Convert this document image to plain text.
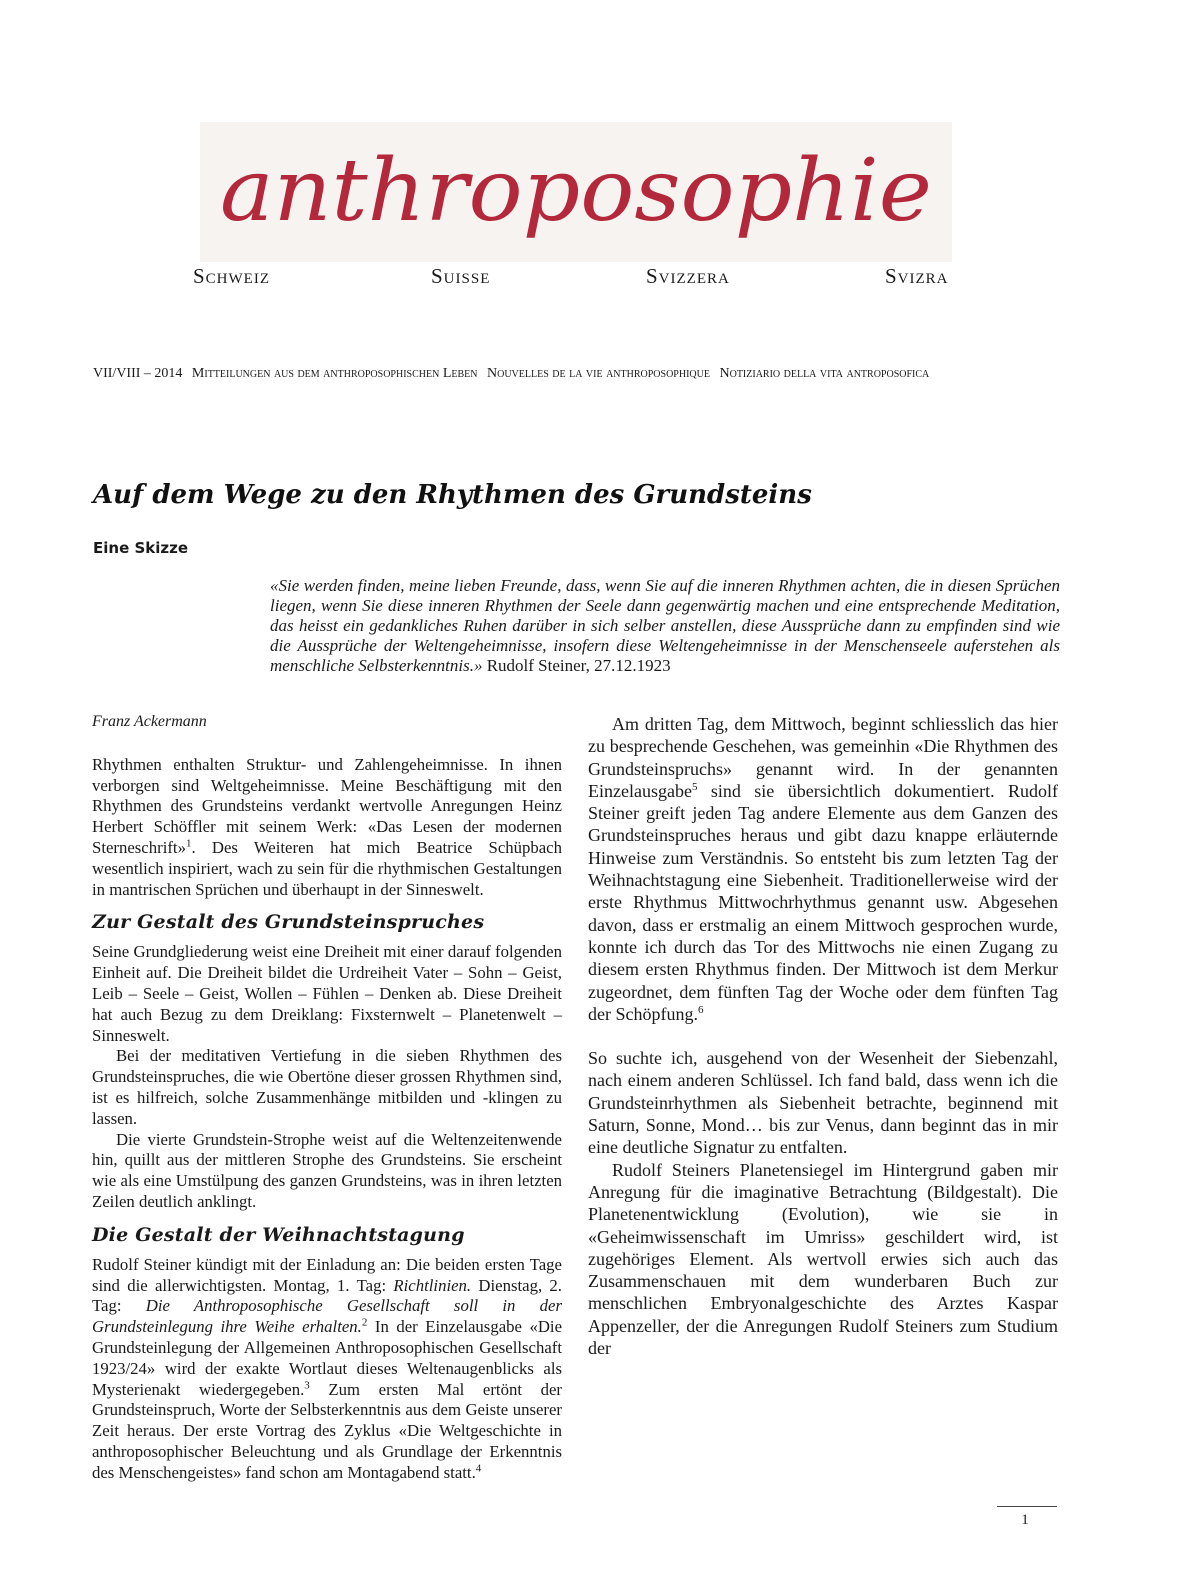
anthroposophie
Schweiz	Suisse	Svizzera	Svizra
VII/VIII – 2014 Mitteilungen aus dem anthroposophischen Leben Nouvelles de la vie anthroposophique Notiziario della vita antroposofica
Auf dem Wege zu den Rhythmen des Grundsteins

Eine Skizze

«Sie werden finden, meine lieben Freunde, dass, wenn Sie auf die inneren Rhythmen achten, die in diesen Sprüchen liegen, wenn Sie diese inneren Rhythmen der Seele dann gegenwärtig machen und eine entsprechende Meditation, das heisst ein gedankliches Ruhen darüber in sich selber anstellen, diese Aussprüche dann zu empfinden sind wie die Aussprüche der Weltengeheimnisse, insofern diese Weltengeheimnisse in der Menschenseele auferstehen als menschliche Selbsterkenntnis.» Rudolf Steiner, 27.12.1923

Franz Ackermann

Rhythmen enthalten Struktur- und Zahlengeheimnisse. In ihnen verborgen sind Weltgeheimnisse. Meine Beschäftigung mit den Rhythmen des Grundsteins verdankt wertvolle Anregungen Heinz Herbert Schöffler mit seinem Werk: «Das Lesen der modernen Sterneschrift»$^1$. Des Weiteren hat mich Beatrice Schüpbach wesentlich inspiriert, wach zu sein für die rhythmischen Gestaltungen in mantrischen Sprüchen und überhaupt in der Sinneswelt.

Zur Gestalt des Grundsteinspruches

Seine Grundgliederung weist eine Dreiheit mit einer darauf folgenden Einheit auf. Die Dreiheit bildet die Urdreiheit Vater – Sohn – Geist, Leib – Seele – Geist, Wollen – Fühlen – Denken ab. Diese Dreiheit hat auch Bezug zu dem Dreiklang: Fixsternwelt – Planetenwelt – Sinneswelt.

Bei der meditativen Vertiefung in die sieben Rhythmen des Grundsteinspruches, die wie Obertöne dieser grossen Rhythmen sind, ist es hilfreich, solche Zusammenhänge mitbilden und -klingen zu lassen.

Die vierte Grundstein-Strophe weist auf die Weltenzeitenwende hin, quillt aus der mittleren Strophe des Grundsteins. Sie erscheint wie als eine Umstülpung des ganzen Grundsteins, was in ihren letzten Zeilen deutlich anklingt.

Die Gestalt der Weihnachtstagung

Rudolf Steiner kündigt mit der Einladung an: Die beiden ersten Tage sind die allerwichtigsten. Montag, 1. Tag: Richtlinien. Dienstag, 2. Tag: Die Anthroposophische Gesellschaft soll in der Grundsteinlegung ihre Weihe erhalten.$^2$ In der Einzelausgabe «Die Grundsteinlegung der Allgemeinen Anthroposophischen Gesellschaft 1923/24» wird der exakte Wortlaut dieses Weltenaugenblicks als Mysterienakt wiedergegeben.$^3$ Zum ersten Mal ertönt der Grundsteinspruch, Worte der Selbsterkenntnis aus dem Geiste unserer Zeit heraus. Der erste Vortrag des Zyklus «Die Weltgeschichte in anthroposophischer Beleuchtung und als Grundlage der Erkenntnis des Menschengeistes» fand schon am Montagabend statt.$^4$

Am dritten Tag, dem Mittwoch, beginnt schliesslich das hier zu besprechende Geschehen, was gemeinhin «Die Rhythmen des Grundsteinspruchs» genannt wird. In der genannten Einzelausgabe$^5$ sind sie übersichtlich dokumentiert. Rudolf Steiner greift jeden Tag andere Elemente aus dem Ganzen des Grundsteinspruches heraus und gibt dazu knappe erläuternde Hinweise zum Verständnis. So entsteht bis zum letzten Tag der Weihnachtstagung eine Siebenheit. Traditionellerweise wird der erste Rhythmus Mittwochrhythmus genannt usw. Abgesehen davon, dass er erstmalig an einem Mittwoch gesprochen wurde, konnte ich durch das Tor des Mittwochs nie einen Zugang zu diesem ersten Rhythmus finden. Der Mittwoch ist dem Merkur zugeordnet, dem fünften Tag der Woche oder dem fünften Tag der Schöpfung.$^6$

So suchte ich, ausgehend von der Wesenheit der Siebenzahl, nach einem anderen Schlüssel. Ich fand bald, dass wenn ich die Grundsteinrhythmen als Siebenheit betrachte, beginnend mit Saturn, Sonne, Mond… bis zur Venus, dann beginnt das in mir eine deutliche Signatur zu entfalten.

Rudolf Steiners Planetensiegel im Hintergrund gaben mir Anregung für die imaginative Betrachtung (Bildgestalt). Die Planetenentwicklung (Evolution), wie sie in «Geheimwissenschaft im Umriss» geschildert wird, ist zugehöriges Element. Als wertvoll erwies sich auch das Zusammenschauen mit dem wunderbaren Buch zur menschlichen Embryonalgeschichte des Arztes Kaspar Appenzeller, der die Anregungen Rudolf Steiners zum Studium der

1
